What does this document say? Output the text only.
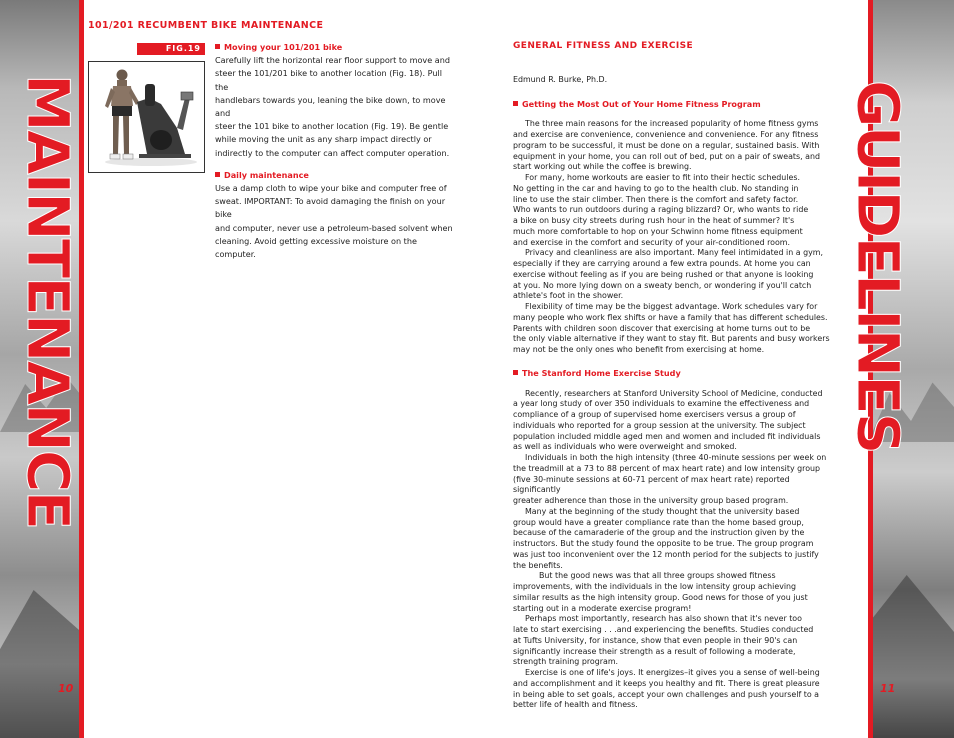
MAINTENANCE	GUIDELINES
10	11
101/201 RECUMBENT BIKE MAINTENANCE
FIG.19	Moving your 101/201 bike

Carefully lift the horizontal rear floor support to move and

steer the 101/201 bike to another location (Fig. 18). Pull the

handlebars towards you, leaning the bike down, to move and

steer the 101 bike to another location (Fig. 19). Be gentle

while moving the unit as any sharp impact directly or

indirectly to the computer can affect computer operation.

Daily maintenance

Use a damp cloth to wipe your bike and computer free of

sweat. IMPORTANT: To avoid damaging the finish on your bike

and computer, never use a petroleum-based solvent when

cleaning. Avoid getting excessive moisture on the computer.

GENERAL FITNESS AND EXERCISE

Edmund R. Burke, Ph.D.

Getting the Most Out of Your Home Fitness Program

The three main reasons for the increased popularity of home fitness gyms

and exercise are convenience, convenience and convenience. For any fitness

program to be successful, it must be done on a regular, sustained basis. With

equipment in your home, you can roll out of bed, put on a pair of sweats, and

start working out while the coffee is brewing.

For many, home workouts are easier to fit into their hectic schedules.

No getting in the car and having to go to the health club. No standing in

line to use the stair climber. Then there is the comfort and safety factor.

Who wants to run outdoors during a raging blizzard? Or, who wants to ride

a bike on busy city streets during rush hour in the heat of summer? It's

much more comfortable to hop on your Schwinn home fitness equipment

and exercise in the comfort and security of your air-conditioned room.

Privacy and cleanliness are also important. Many feel intimidated in a gym,

especially if they are carrying around a few extra pounds. At home you can

exercise without feeling as if you are being rushed or that anyone is looking

at you. No more lying down on a sweaty bench, or wondering if you'll catch

athlete's foot in the shower.

Flexibility of time may be the biggest advantage. Work schedules vary for

many people who work flex shifts or have a family that has different schedules.

Parents with children soon discover that exercising at home turns out to be

the only viable alternative if they want to stay fit. But parents and busy workers

may not be the only ones who benefit from exercising at home.

The Stanford Home Exercise Study

Recently, researchers at Stanford University School of Medicine, conducted

a year long study of over 350 individuals to examine the effectiveness and

compliance of a group of supervised home exercisers versus a group of

individuals who reported for a group session at the university. The subject

population included middle aged men and women and included fit individuals

as well as individuals who were overweight and smoked.

Individuals in both the high intensity (three 40-minute sessions per week on

the treadmill at a 73 to 88 percent of max heart rate) and low intensity group

(five 30-minute sessions at 60-71 percent of max heart rate) reported significantly

greater adherence than those in the university group based program.

Many at the beginning of the study thought that the university based

group would have a greater compliance rate than the home based group,

because of the camaraderie of the group and the instruction given by the

instructors. But the study found the opposite to be true. The group program

was just too inconvenient over the 12 month period for the subjects to justify

the benefits.

But the good news was that all three groups showed fitness

improvements, with the individuals in the low intensity group achieving

similar results as the high intensity group. Good news for those of you just

starting out in a moderate exercise program!

Perhaps most importantly, research has also shown that it's never too

late to start exercising . . .and experiencing the benefits. Studies conducted

at Tufts University, for instance, show that even people in their 90's can

significantly increase their strength as a result of following a moderate,

strength training program.

Exercise is one of life's joys. It energizes–it gives you a sense of well-being

and accomplishment and it keeps you healthy and fit. There is great pleasure

in being able to set goals, accept your own challenges and push yourself to a

better life of health and fitness.
